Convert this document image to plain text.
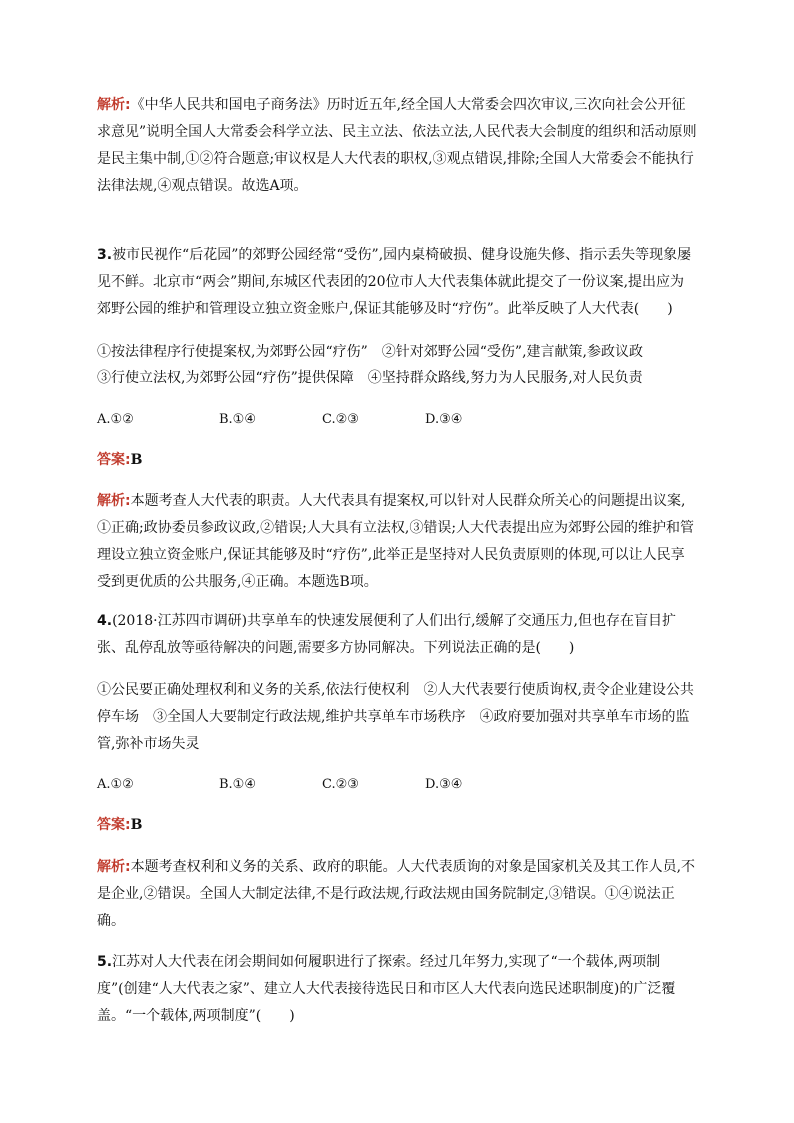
解析:《中华人民共和国电子商务法》历时近五年,经全国人大常委会四次审议,三次向社会公开征求意见”说明全国人大常委会科学立法、民主立法、依法立法,人民代表大会制度的组织和活动原则是民主集中制,①②符合题意;审议权是人大代表的职权,③观点错误,排除;全国人大常委会不能执行法律法规,④观点错误。故选A项。

3.被市民视作“后花园”的郊野公园经常“受伤”,园内桌椅破损、健身设施失修、指示丢失等现象屡见不鲜。北京市“两会”期间,东城区代表团的20位市人大代表集体就此提交了一份议案,提出应为郊野公园的维护和管理设立独立资金账户,保证其能够及时“疗伤”。此举反映了人大代表(　　)

①按法律程序行使提案权,为郊野公园“疗伤”　②针对郊野公园“受伤”,建言献策,参政议政

③行使立法权,为郊野公园“疗伤”提供保障　④坚持群众路线,努力为人民服务,对人民负责

A.①②	B.①④	C.②③	D.③④

答案:B

解析:本题考查人大代表的职责。人大代表具有提案权,可以针对人民群众所关心的问题提出议案,①正确;政协委员参政议政,②错误;人大具有立法权,③错误;人大代表提出应为郊野公园的维护和管理设立独立资金账户,保证其能够及时“疗伤”,此举正是坚持对人民负责原则的体现,可以让人民享受到更优质的公共服务,④正确。本题选B项。

4.(2018·江苏四市调研)共享单车的快速发展便利了人们出行,缓解了交通压力,但也存在盲目扩张、乱停乱放等亟待解决的问题,需要多方协同解决。下列说法正确的是(　　)

①公民要正确处理权利和义务的关系,依法行使权利　②人大代表要行使质询权,责令企业建设公共停车场　③全国人大要制定行政法规,维护共享单车市场秩序　④政府要加强对共享单车市场的监管,弥补市场失灵

A.①②	B.①④	C.②③	D.③④

答案:B

解析:本题考查权利和义务的关系、政府的职能。人大代表质询的对象是国家机关及其工作人员,不是企业,②错误。全国人大制定法律,不是行政法规,行政法规由国务院制定,③错误。①④说法正确。

5.江苏对人大代表在闭会期间如何履职进行了探索。经过几年努力,实现了“一个载体,两项制度”(创建“人大代表之家”、建立人大代表接待选民日和市区人大代表向选民述职制度)的广泛覆盖。“一个载体,两项制度”(　　)
